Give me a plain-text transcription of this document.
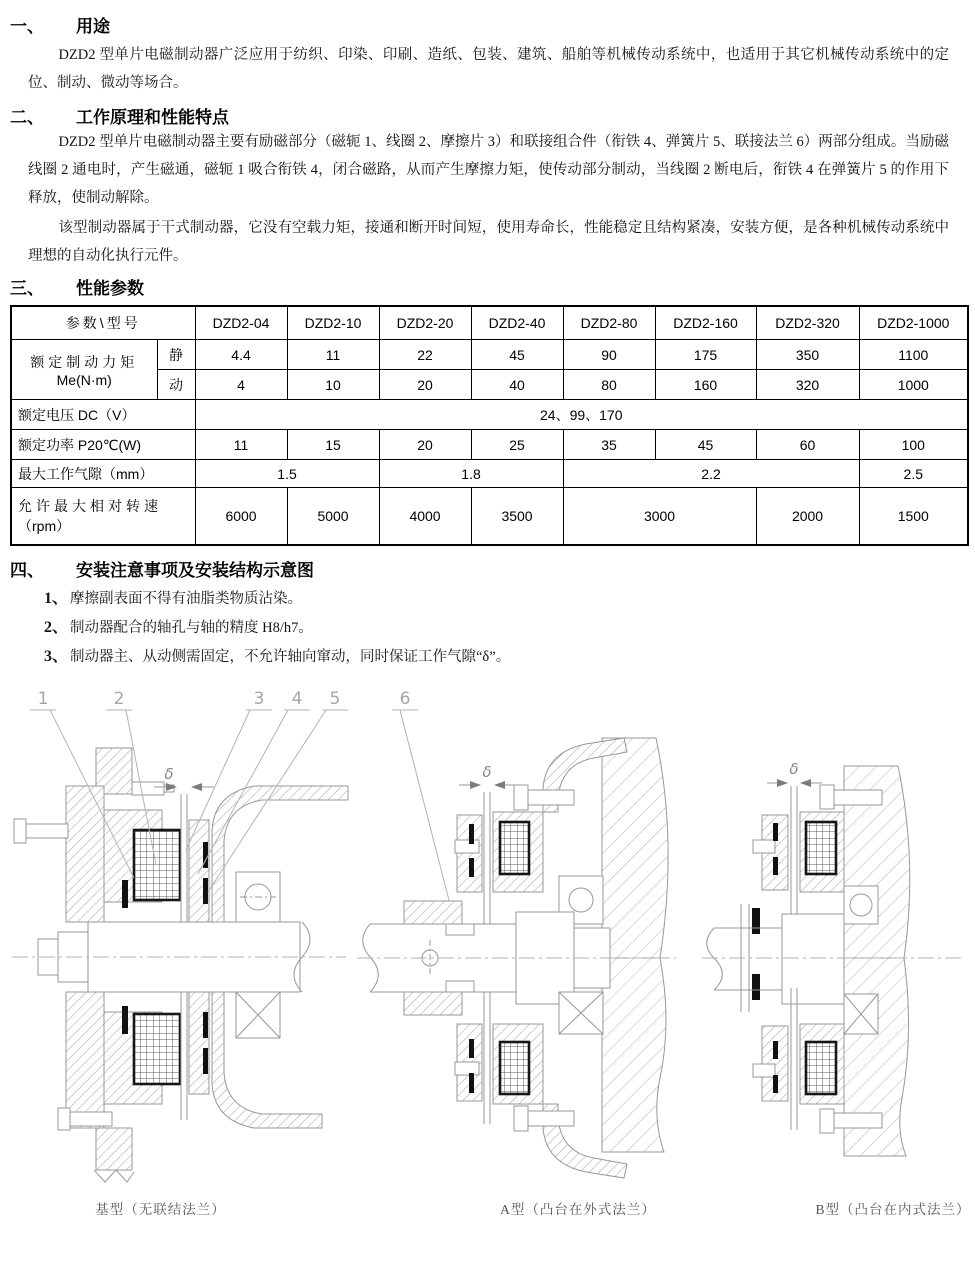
一、	用途

DZD2 型单片电磁制动器广泛应用于纺织、印染、印刷、造纸、包装、建筑、船舶等机械传动系统中，也适用于其它机械传动系统中的定位、制动、微动等场合。

二、	工作原理和性能特点

DZD2 型单片电磁制动器主要有励磁部分（磁轭 1、线圈 2、摩擦片 3）和联接组合件（衔铁 4、弹簧片 5、联接法兰 6）两部分组成。当励磁线圈 2 通电时，产生磁通，磁轭 1 吸合衔铁 4，闭合磁路，从而产生摩擦力矩，使传动部分制动，当线圈 2 断电后，衔铁 4 在弹簧片 5 的作用下释放，使制动解除。

该型制动器属于干式制动器，它没有空载力矩，接通和断开时间短，使用寿命长，性能稳定且结构紧凑，安装方便，是各种机械传动系统中理想的自动化执行元件。

三、	性能参数
参数\型号		DZD2-04	DZD2-10	DZD2-20	DZD2-40	DZD2-80	DZD2-160	DZD2-320	DZD2-1000

额定制动力矩
Me(N·m)	静	4.4	11	22	45	90	175	350	1100
	动	4	10	20	40	80	160	320	1000
额定电压 DC（V）		24、99、170							
额定功率 P20℃(W)		11	15	20	25	35	45	60	100
最大工作气隙（mm）		1.5		1.8		2.2			2.5

允许最大相对转速
（rpm）		6000	5000	4000	3500	3000		2000	1500
四、	安装注意事项及安装结构示意图
1、 摩擦副表面不得有油脂类物质沾染。
2、 制动器配合的轴孔与轴的精度 H8/h7。
3、 制动器主、从动侧需固定，不允许轴向窜动，同时保证工作气隙“δ”。
δ
1	2	3 4 5	6
δ	δ
基型（无联结法兰）	A型（凸台在外式法兰）	B型（凸台在内式法兰）
